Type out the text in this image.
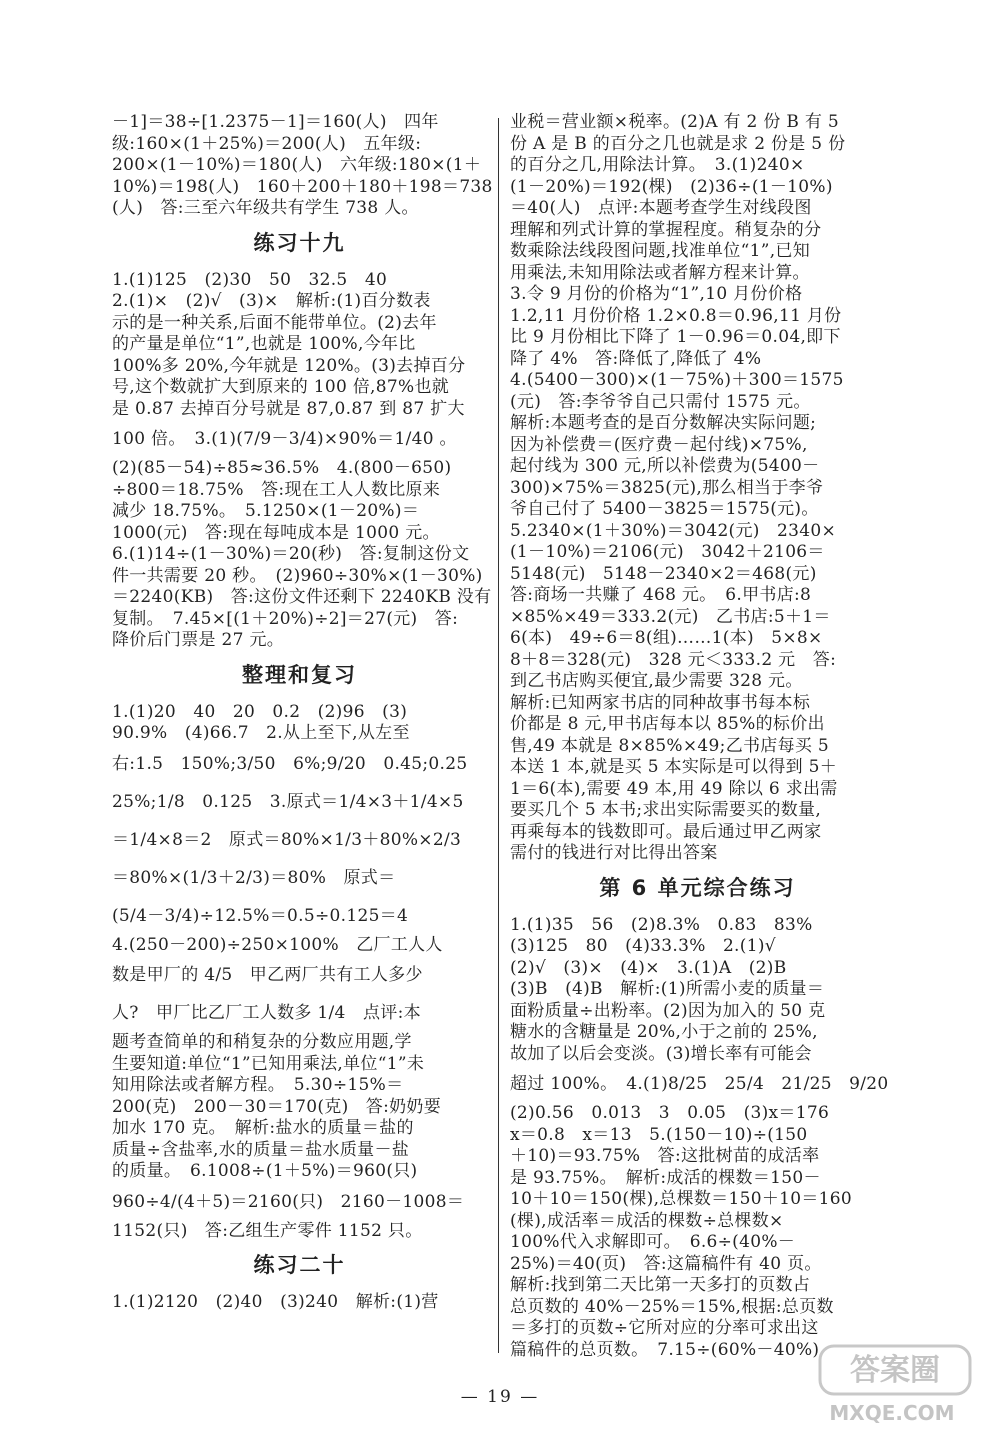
－1]＝38÷[1.2375－1]＝160(人)　四年
级:160×(1＋25%)＝200(人)　五年级:
200×(1－10%)＝180(人)　六年级:180×(1＋
10%)＝198(人)　160＋200＋180＋198＝738
(人)　答:三至六年级共有学生 738 人。
练习十九
1.(1)125　(2)30　50　32.5　40
2.(1)×　(2)√　(3)×　解析:(1)百分数表
示的是一种关系,后面不能带单位。(2)去年
的产量是单位“1”,也就是 100%,今年比
100%多 20%,今年就是 120%。(3)去掉百分
号,这个数就扩大到原来的 100 倍,87%也就
是 0.87 去掉百分号就是 87,0.87 到 87 扩大
100 倍。　3.(1)(7/9－3/4)×90%＝1/40 。
(2)(85－54)÷85≈36.5%　4.(800－650)
÷800＝18.75%　答:现在工人人数比原来
减少 18.75%。　5.1250×(1－20%)＝
1000(元)　答:现在每吨成本是 1000 元。
6.(1)14÷(1－30%)＝20(秒)　答:复制这份文
件一共需要 20 秒。　(2)960÷30%×(1－30%)
＝2240(KB)　答:这份文件还剩下 2240KB 没有
复制。　7.45×[(1＋20%)÷2]＝27(元)　答:
降价后门票是 27 元。
整理和复习
1.(1)20　40　20　0.2　(2)96　(3)
90.9%　(4)66.7　2.从上至下,从左至
右:1.5　150%;3/50　6%;9/20　0.45;0.25
25%;1/8　0.125　3.原式＝1/4×3＋1/4×5
＝1/4×8＝2　原式＝80%×1/3＋80%×2/3
＝80%×(1/3＋2/3)＝80%　原式＝
(5/4－3/4)÷12.5%＝0.5÷0.125＝4
4.(250－200)÷250×100%　乙厂工人人
数是甲厂的 4/5　甲乙两厂共有工人多少
人?　甲厂比乙厂工人数多 1/4　点评:本
题考查简单的和稍复杂的分数应用题,学
生要知道:单位“1”已知用乘法,单位“1”未
知用除法或者解方程。　5.30÷15%＝
200(克)　200－30＝170(克)　答:奶奶要
加水 170 克。　解析:盐水的质量＝盐的
质量÷含盐率,水的质量＝盐水质量－盐
的质量。　6.1008÷(1＋5%)＝960(只)
960÷4/(4＋5)＝2160(只)　2160－1008＝
1152(只)　答:乙组生产零件 1152 只。
练习二十
1.(1)2120　(2)40　(3)240　解析:(1)营
业税＝营业额×税率。(2)A 有 2 份 B 有 5
份 A 是 B 的百分之几也就是求 2 份是 5 份
的百分之几,用除法计算。　3.(1)240×
(1－20%)＝192(棵)　(2)36÷(1－10%)
＝40(人)　点评:本题考查学生对线段图
理解和列式计算的掌握程度。稍复杂的分
数乘除法线段图问题,找准单位“1”,已知
用乘法,未知用除法或者解方程来计算。
3.令 9 月份的价格为“1”,10 月份价格
1.2,11 月份价格 1.2×0.8＝0.96,11 月份
比 9 月份相比下降了 1－0.96＝0.04,即下
降了 4%　答:降低了,降低了 4%
4.(5400－300)×(1－75%)＋300＝1575
(元)　答:李爷爷自己只需付 1575 元。
解析:本题考查的是百分数解决实际问题;
因为补偿费＝(医疗费－起付线)×75%,
起付线为 300 元,所以补偿费为(5400－
300)×75%＝3825(元),那么相当于李爷
爷自己付了 5400－3825＝1575(元)。
5.2340×(1＋30%)＝3042(元)　2340×
(1－10%)＝2106(元)　3042＋2106＝
5148(元)　5148－2340×2＝468(元)
答:商场一共赚了 468 元。　6.甲书店:8
×85%×49＝333.2(元)　乙书店:5＋1＝
6(本)　49÷6＝8(组)……1(本)　5×8×
8＋8＝328(元)　328 元＜333.2 元　答:
到乙书店购买便宜,最少需要 328 元。
解析:已知两家书店的同种故事书每本标
价都是 8 元,甲书店每本以 85%的标价出
售,49 本就是 8×85%×49;乙书店每买 5
本送 1 本,就是买 5 本实际是可以得到 5＋
1＝6(本),需要 49 本,用 49 除以 6 求出需
要买几个 5 本书;求出实际需要买的数量,
再乘每本的钱数即可。最后通过甲乙两家
需付的钱进行对比得出答案
第 6 单元综合练习
1.(1)35　56　(2)8.3%　0.83　83%
(3)125　80　(4)33.3%　2.(1)√
(2)√　(3)×　(4)×　3.(1)A　(2)B
(3)B　(4)B　解析:(1)所需小麦的质量＝
面粉质量÷出粉率。(2)因为加入的 50 克
糖水的含糖量是 20%,小于之前的 25%,
故加了以后会变淡。(3)增长率有可能会
超过 100%。　4.(1)8/25　25/4　21/25　9/20
(2)0.56　0.013　3　0.05　(3)x＝176
x＝0.8　x＝13　5.(150－10)÷(150
＋10)＝93.75%　答:这批树苗的成活率
是 93.75%。　解析:成活的棵数＝150－
10＋10＝150(棵),总棵数＝150＋10＝160
(棵),成活率＝成活的棵数÷总棵数×
100%代入求解即可。　6.6÷(40%－
25%)＝40(页)　答:这篇稿件有 40 页。
解析:找到第二天比第一天多打的页数占
总页数的 40%－25%＝15%,根据:总页数
＝多打的页数÷它所对应的分率可求出这
篇稿件的总页数。　7.15÷(60%－40%)
— 19 —
答案圈
MXQE.COM
